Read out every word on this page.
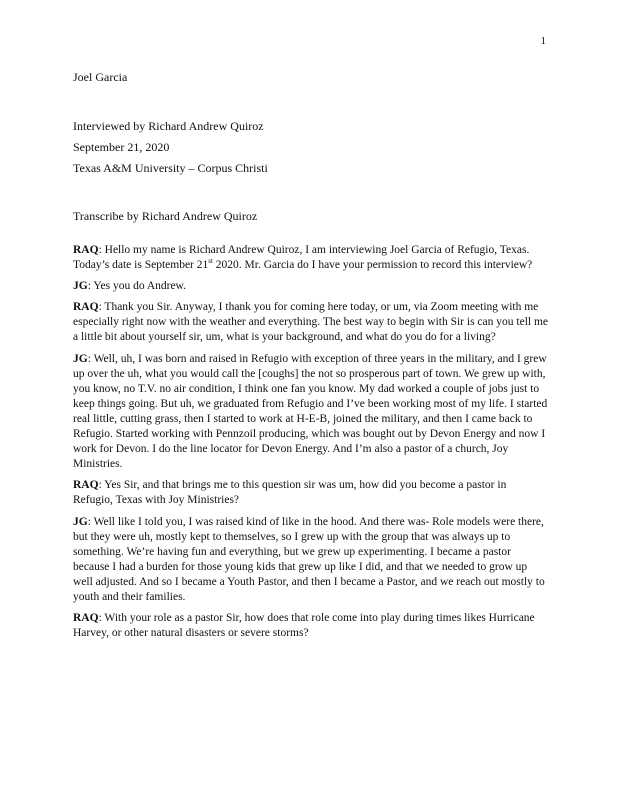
1
Joel Garcia
Interviewed by Richard Andrew Quiroz
September 21, 2020
Texas A&M University – Corpus Christi
Transcribe by Richard Andrew Quiroz

RAQ: Hello my name is Richard Andrew Quiroz, I am interviewing Joel Garcia of Refugio, Texas. Today’s date is September 21st 2020. Mr. Garcia do I have your permission to record this interview?

JG: Yes you do Andrew.

RAQ: Thank you Sir. Anyway, I thank you for coming here today, or um, via Zoom meeting with me especially right now with the weather and everything. The best way to begin with Sir is can you tell me a little bit about yourself sir, um, what is your background, and what do you do for a living?

JG: Well, uh, I was born and raised in Refugio with exception of three years in the military, and I grew up over the uh, what you would call the [coughs] the not so prosperous part of town. We grew up with, you know, no T.V. no air condition, I think one fan you know. My dad worked a couple of jobs just to keep things going. But uh, we graduated from Refugio and I’ve been working most of my life. I started real little, cutting grass, then I started to work at H-E-B, joined the military, and then I came back to Refugio. Started working with Pennzoil producing, which was bought out by Devon Energy and now I work for Devon. I do the line locator for Devon Energy. And I’m also a pastor of a church, Joy Ministries.

RAQ: Yes Sir, and that brings me to this question sir was um, how did you become a pastor in Refugio, Texas with Joy Ministries?

JG: Well like I told you, I was raised kind of like in the hood. And there was- Role models were there, but they were uh, mostly kept to themselves, so I grew up with the group that was always up to something. We’re having fun and everything, but we grew up experimenting. I became a pastor because I had a burden for those young kids that grew up like I did, and that we needed to grow up well adjusted. And so I became a Youth Pastor, and then I became a Pastor, and we reach out mostly to youth and their families.

RAQ: With your role as a pastor Sir, how does that role come into play during times likes Hurricane Harvey, or other natural disasters or severe storms?
